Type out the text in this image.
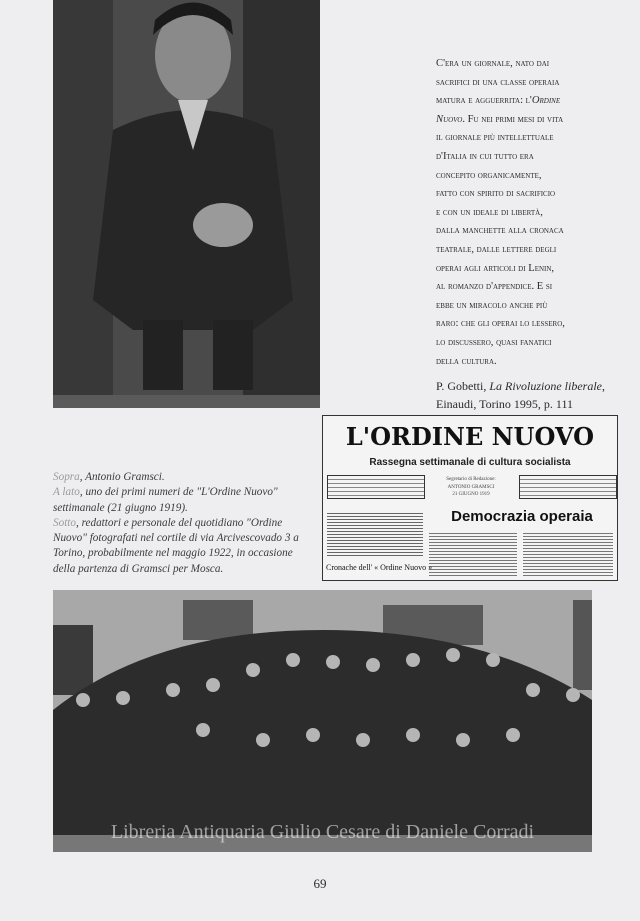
C'era un giornale, nato dai
sacrifici di una classe operaia
matura e agguerrita: l'Ordine
Nuovo. Fu nei primi mesi di vita
il giornale più intellettuale
d'Italia in cui tutto era
concepito organicamente,
fatto con spirito di sacrificio
e con un ideale di libertà,
dalla manchette alla cronaca
teatrale, dalle lettere degli
operai agli articoli di Lenin,
al romanzo d'appendice. E si
ebbe un miracolo anche più
raro: che gli operai lo lessero,
lo discussero, quasi fanatici
della cultura.
P. Gobetti, La Rivoluzione liberale,
Einaudi, Torino 1995, p. 111
Sopra, Antonio Gramsci.
A lato, uno dei primi numeri de "L'Ordine Nuovo" settimanale (21 giugno 1919).
Sotto, redattori e personale del quotidiano "Ordine Nuovo" fotografati nel cortile di via Arcivescovado 3 a Torino, probabilmente nel maggio 1922, in occasione della partenza di Gramsci per Mosca.
L'ORDINE NUOVO
Rassegna settimanale di cultura socialista
Segretario di Redazione:
ANTONIO GRAMSCI
21 GIUGNO 1919
Democrazia operaia
Cronache dell' « Ordine Nuovo »
Libreria Antiquaria Giulio Cesare di Daniele Corradi
69
